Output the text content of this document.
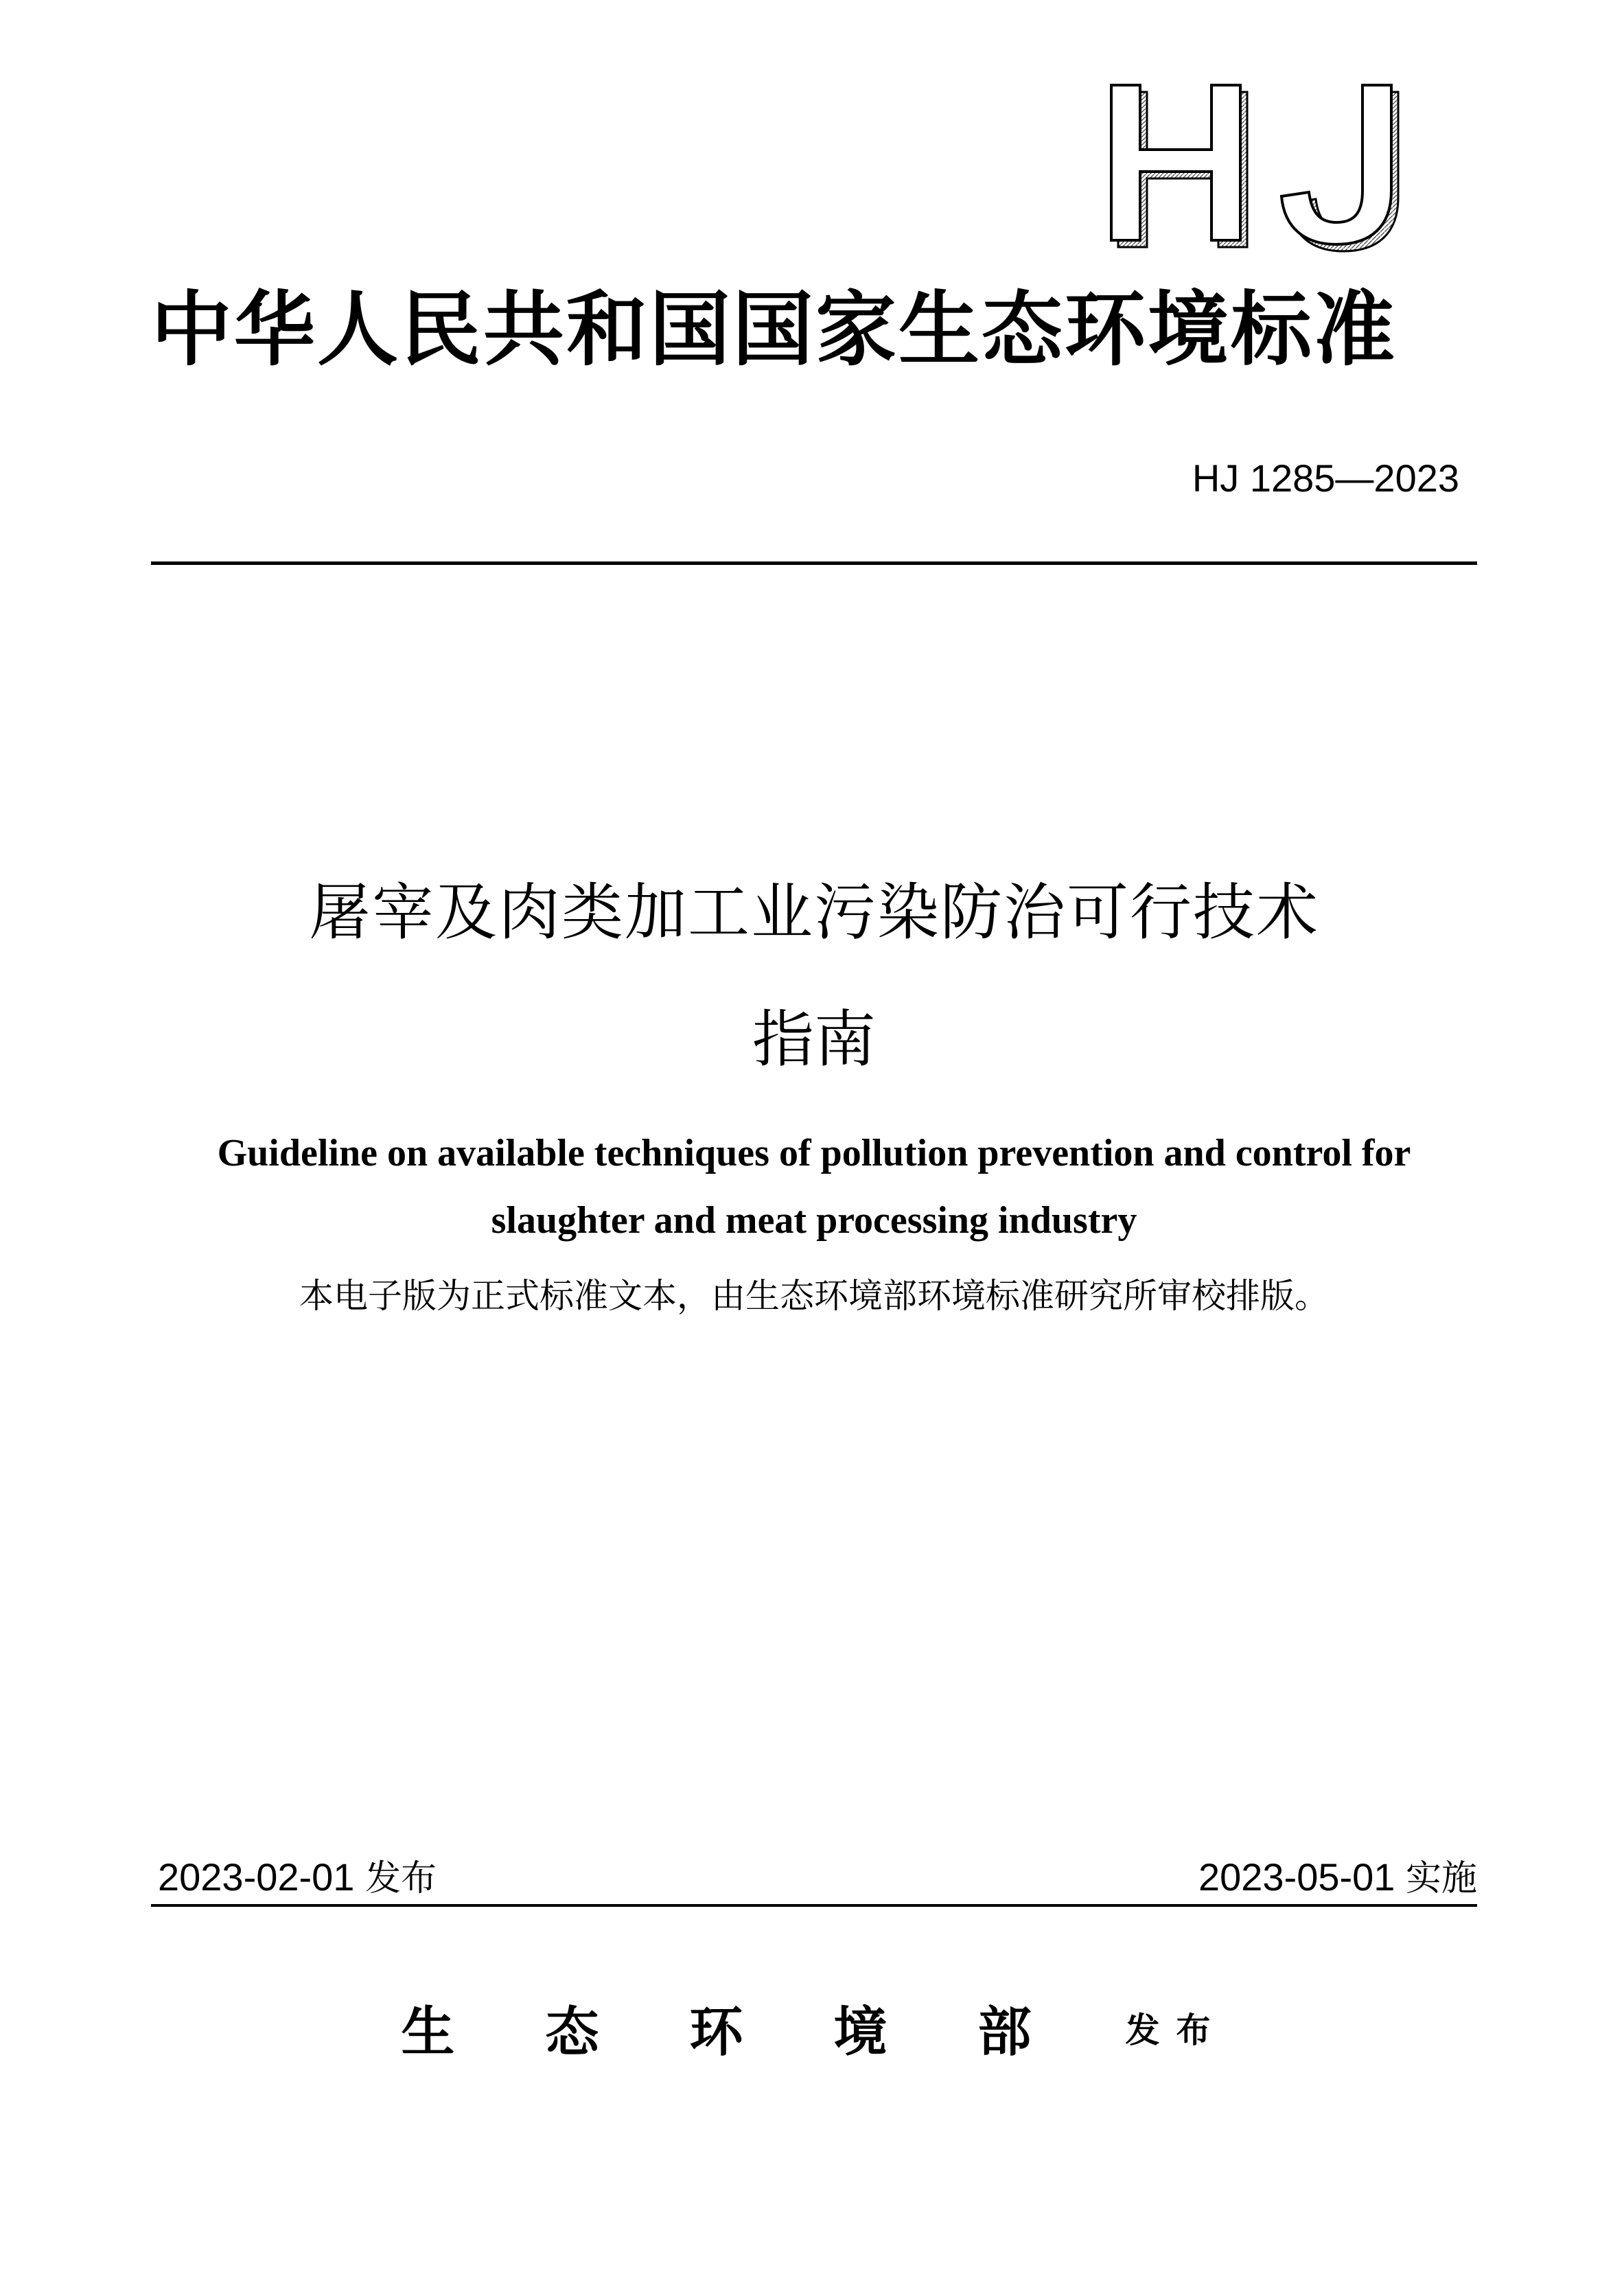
中华人民共和国国家生态环境标准
HJ 1285—2023
屠宰及肉类加工业污染防治可行技术
指南
Guideline on available techniques of pollution prevention and control for
slaughter and meat processing industry
本电子版为正式标准文本，由生态环境部环境标准研究所审校排版。
2023-02-01 发布	2023-05-01 实施
生态环境部 发布
